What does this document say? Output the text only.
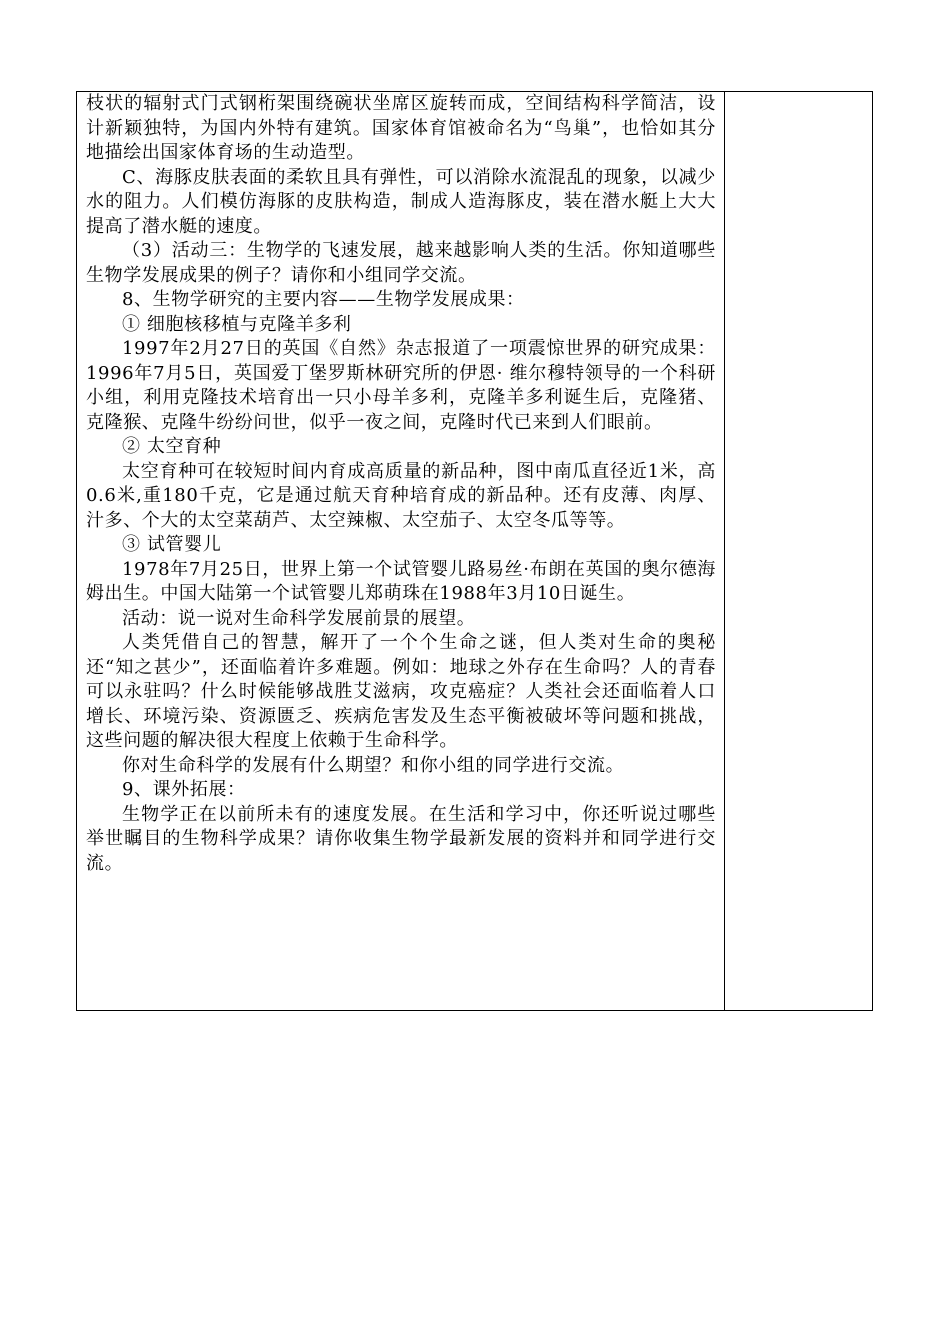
枝状的辐射式门式钢桁架围绕碗状坐席区旋转而成，空间结构科学简洁，设计新颖独特，为国内外特有建筑。国家体育馆被命名为“鸟巢”，也恰如其分地描绘出国家体育场的生动造型。

C、海豚皮肤表面的柔软且具有弹性，可以消除水流混乱的现象，以减少水的阻力。人们模仿海豚的皮肤构造，制成人造海豚皮，装在潜水艇上大大提高了潜水艇的速度。

（3）活动三：生物学的飞速发展，越来越影响人类的生活。你知道哪些生物学发展成果的例子？请你和小组同学交流。

8、生物学研究的主要内容——生物学发展成果：

① 细胞核移植与克隆羊多利

1997年2月27日的英国《自然》杂志报道了一项震惊世界的研究成果：1996年7月5日，英国爱丁堡罗斯林研究所的伊恩· 维尔穆特领导的一个科研小组，利用克隆技术培育出一只小母羊多利，克隆羊多利诞生后，克隆猪、克隆猴、克隆牛纷纷问世，似乎一夜之间，克隆时代已来到人们眼前。

② 太空育种

太空育种可在较短时间内育成高质量的新品种，图中南瓜直径近1米，高0.6米,重180千克，它是通过航天育种培育成的新品种。还有皮薄、肉厚、汁多、个大的太空菜葫芦、太空辣椒、太空茄子、太空冬瓜等等。

③ 试管婴儿

1978年7月25日，世界上第一个试管婴儿路易丝·布朗在英国的奥尔德海姆出生。中国大陆第一个试管婴儿郑萌珠在1988年3月10日诞生。

活动：说一说对生命科学发展前景的展望。

人类凭借自己的智慧，解开了一个个生命之谜，但人类对生命的奥秘还“知之甚少”，还面临着许多难题。例如：地球之外存在生命吗？人的青春可以永驻吗？什么时候能够战胜艾滋病，攻克癌症？人类社会还面临着人口增长、环境污染、资源匮乏、疾病危害发及生态平衡被破坏等问题和挑战，这些问题的解决很大程度上依赖于生命科学。

你对生命科学的发展有什么期望？和你小组的同学进行交流。

9、课外拓展：

生物学正在以前所未有的速度发展。在生活和学习中，你还听说过哪些举世瞩目的生物科学成果？请你收集生物学最新发展的资料并和同学进行交流。
